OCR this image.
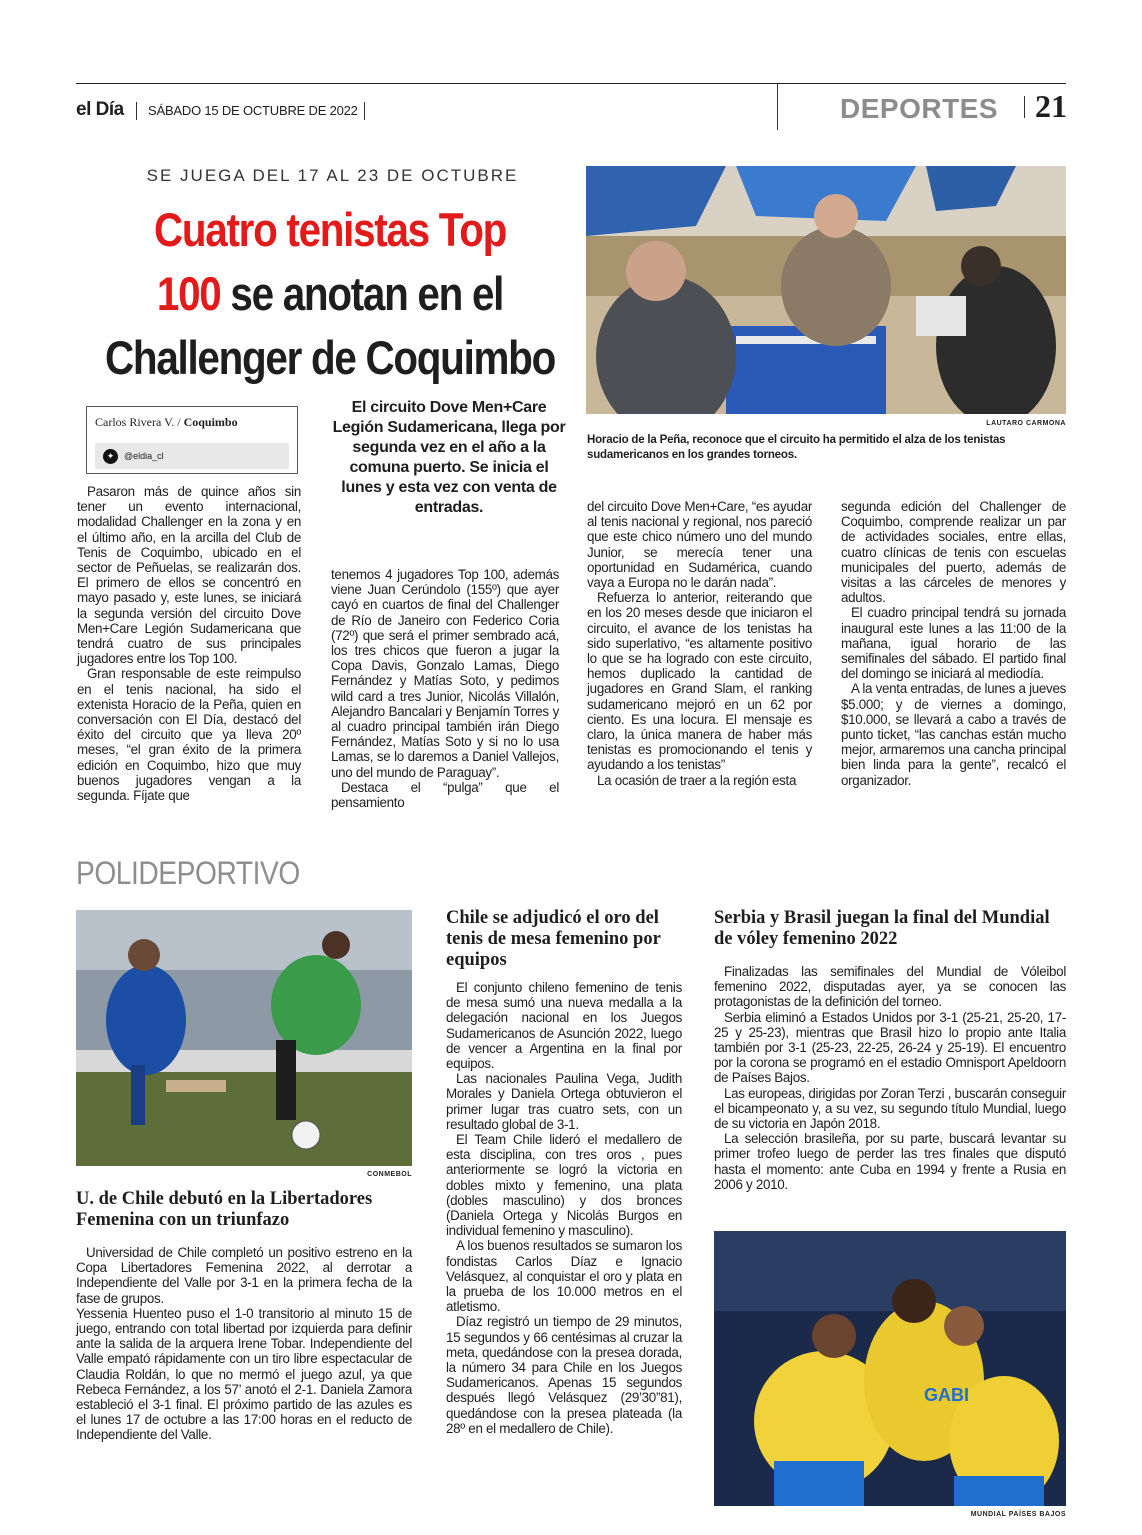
el Día SÁBADO 15 DE OCTUBRE DE 2022	DEPORTES 21
SE JUEGA DEL 17 AL 23 DE OCTUBRE
Cuatro tenistas Top
100 se anotan en el
Challenger de Coquimbo
LAUTARO CARMONA
Horacio de la Peña, reconoce que el circuito ha permitido el alza de los tenistas sudamericanos en los grandes torneos.
Carlos Rivera V. / Coquimbo
✦	@eldia_cl
El circuito Dove Men+Care Legión Sudamericana, llega por segunda vez en el año a la comuna puerto. Se inicia el lunes y esta vez con venta de entradas.

Pasaron más de quince años sin tener un evento internacional, modalidad Challenger en la zona y en el último año, en la arcilla del Club de Tenis de Coquimbo, ubicado en el sector de Peñuelas, se realizarán dos. El primero de ellos se concentró en mayo pasado y, este lunes, se iniciará la segunda versión del circuito Dove Men+Care Legión Sudamericana que tendrá cuatro de sus principales jugadores entre los Top 100.

Gran responsable de este reimpulso en el tenis nacional, ha sido el extenista Horacio de la Peña, quien en conversación con El Día, destacó del éxito del circuito que ya lleva 20º meses, “el gran éxito de la primera edición en Coquimbo, hizo que muy buenos jugadores vengan a la segunda. Fíjate que

tenemos 4 jugadores Top 100, además viene Juan Cerúndolo (155º) que ayer cayó en cuartos de final del Challenger de Río de Janeiro con Federico Coria (72º) que será el primer sembrado acá, los tres chicos que fueron a jugar la Copa Davis, Gonzalo Lamas, Diego Fernández y Matías Soto, y pedimos wild card a tres Junior, Nicolás Villalón, Alejandro Bancalari y Benjamín Torres y al cuadro principal también irán Diego Fernández, Matías Soto y si no lo usa Lamas, se lo daremos a Daniel Vallejos, uno del mundo de Paraguay”.

Destaca el “pulga” que el pensamiento

del circuito Dove Men+Care, “es ayudar al tenis nacional y regional, nos pareció que este chico número uno del mundo Junior, se merecía tener una oportunidad en Sudamérica, cuando vaya a Europa no le darán nada”.

Refuerza lo anterior, reiterando que en los 20 meses desde que iniciaron el circuito, el avance de los tenistas ha sido superlativo, “es altamente positivo lo que se ha logrado con este circuito, hemos duplicado la cantidad de jugadores en Grand Slam, el ranking sudamericano mejoró en un 62 por ciento. Es una locura. El mensaje es claro, la única manera de haber más tenistas es promocionando el tenis y ayudando a los tenistas”

La ocasión de traer a la región esta

segunda edición del Challenger de Coquimbo, comprende realizar un par de actividades sociales, entre ellas, cuatro clínicas de tenis con escuelas municipales del puerto, además de visitas a las cárceles de menores y adultos.

El cuadro principal tendrá su jornada inaugural este lunes a las 11:00 de la mañana, igual horario de las semifinales del sábado. El partido final del domingo se iniciará al mediodía.

A la venta entradas, de lunes a jueves $5.000; y de viernes a domingo, $10.000, se llevará a cabo a través de punto ticket, “las canchas están mucho mejor, armaremos una cancha principal bien linda para la gente”, recalcó el organizador.

POLIDEPORTIVO
CONMEBOL
U. de Chile debutó en la Libertadores Femenina con un triunfazo

Universidad de Chile completó un positivo estreno en la Copa Libertadores Femenina 2022, al derrotar a Independiente del Valle por 3-1 en la primera fecha de la fase de grupos.

Yessenia Huenteo puso el 1-0 transitorio al minuto 15 de juego, entrando con total libertad por izquierda para definir ante la salida de la arquera Irene Tobar. Independiente del Valle empató rápidamente con un tiro libre espectacular de Claudia Roldán, lo que no mermó el juego azul, ya que Rebeca Fernández, a los 57’ anotó el 2-1. Daniela Zamora estableció el 3-1 final. El próximo partido de las azules es el lunes 17 de octubre a las 17:00 horas en el reducto de Independiente del Valle.

Chile se adjudicó el oro del tenis de mesa femenino por equipos

El conjunto chileno femenino de tenis de mesa sumó una nueva medalla a la delegación nacional en los Juegos Sudamericanos de Asunción 2022, luego de vencer a Argentina en la final por equipos.

Las nacionales Paulina Vega, Judith Morales y Daniela Ortega obtuvieron el primer lugar tras cuatro sets, con un resultado global de 3-1.

El Team Chile lideró el medallero de esta disciplina, con tres oros , pues anteriormente se logró la victoria en dobles mixto y femenino, una plata (dobles masculino) y dos bronces (Daniela Ortega y Nicolás Burgos en individual femenino y masculino).

A los buenos resultados se sumaron los fondistas Carlos Díaz e Ignacio Velásquez, al conquistar el oro y plata en la prueba de los 10.000 metros en el atletismo.

Díaz registró un tiempo de 29 minutos, 15 segundos y 66 centésimas al cruzar la meta, quedándose con la presea dorada, la número 34 para Chile en los Juegos Sudamericanos. Apenas 15 segundos después llegó Velásquez (29’30”81), quedándose con la presea plateada (la 28º en el medallero de Chile).

Serbia y Brasil juegan la final del Mundial de vóley femenino 2022

Finalizadas las semifinales del Mundial de Vóleibol femenino 2022, disputadas ayer, ya se conocen las protagonistas de la definición del torneo.

Serbia eliminó a Estados Unidos por 3-1 (25-21, 25-20, 17-25 y 25-23), mientras que Brasil hizo lo propio ante Italia también por 3-1 (25-23, 22-25, 26-24 y 25-19). El encuentro por la corona se programó en el estadio Omnisport Apeldoorn de Países Bajos.

Las europeas, dirigidas por Zoran Terzi , buscarán conseguir el bicampeonato y, a su vez, su segundo título Mundial, luego de su victoria en Japón 2018.

La selección brasileña, por su parte, buscará levantar su primer trofeo luego de perder las tres finales que disputó hasta el momento: ante Cuba en 1994 y frente a Rusia en 2006 y 2010.

GABI
MUNDIAL PAÍSES BAJOS
